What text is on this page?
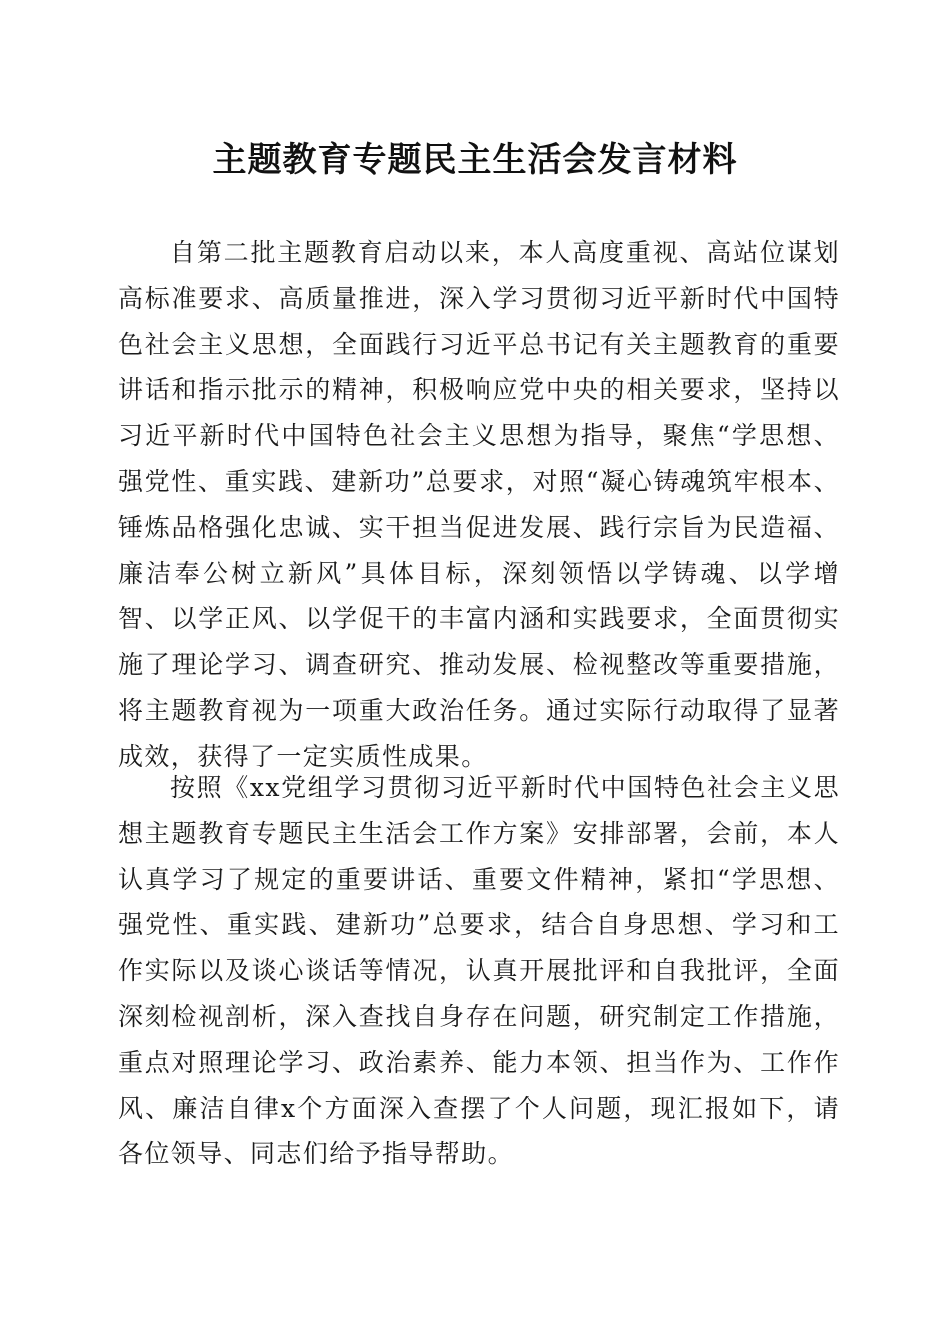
主题教育专题民主生活会发言材料

自第二批主题教育启动以来，本人高度重视、高站位谋划高标准要求、高质量推进，深入学习贯彻习近平新时代中国特色社会主义思想，全面践行习近平总书记有关主题教育的重要讲话和指示批示的精神，积极响应党中央的相关要求，坚持以习近平新时代中国特色社会主义思想为指导，聚焦“学思想、强党性、重实践、建新功”总要求，对照“凝心铸魂筑牢根本、锤炼品格强化忠诚、实干担当促进发展、践行宗旨为民造福、廉洁奉公树立新风”具体目标，深刻领悟以学铸魂、以学增智、以学正风、以学促干的丰富内涵和实践要求，全面贯彻实施了理论学习、调查研究、推动发展、检视整改等重要措施，将主题教育视为一项重大政治任务。通过实际行动取得了显著成效，获得了一定实质性成果。

按照《xx党组学习贯彻习近平新时代中国特色社会主义思想主题教育专题民主生活会工作方案》安排部署，会前，本人认真学习了规定的重要讲话、重要文件精神，紧扣“学思想、强党性、重实践、建新功”总要求，结合自身思想、学习和工作实际以及谈心谈话等情况，认真开展批评和自我批评，全面深刻检视剖析，深入查找自身存在问题，研究制定工作措施，重点对照理论学习、政治素养、能力本领、担当作为、工作作风、廉洁自律x个方面深入查摆了个人问题，现汇报如下，请各位领导、同志们给予指导帮助。
